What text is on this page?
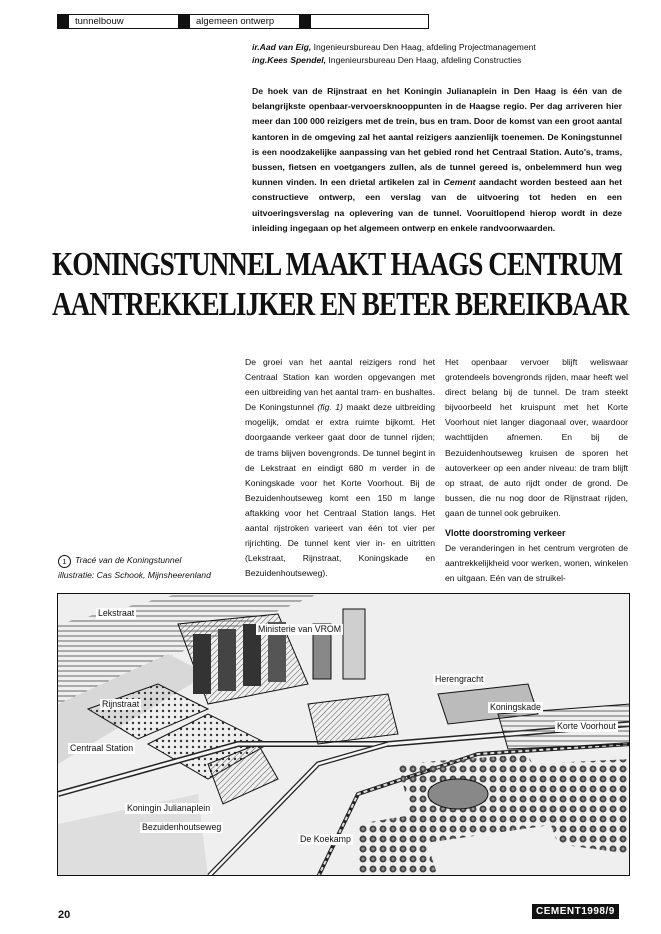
tunnelbouw	algemeen ontwerp
ir.Aad van Eig, Ingenieursbureau Den Haag, afdeling Projectmanagement
ing.Kees Spendel, Ingenieursbureau Den Haag, afdeling Constructies
De hoek van de Rijnstraat en het Koningin Julianaplein in Den Haag is één van de belangrijkste openbaar-vervoersknooppunten in de Haagse regio. Per dag arriveren hier meer dan 100 000 reizigers met de trein, bus en tram. Door de komst van een groot aantal kantoren in de omgeving zal het aantal reizigers aanzienlijk toenemen. De Koningstunnel is een noodzakelijke aanpassing van het gebied rond het Centraal Station. Auto's, trams, bussen, fietsen en voetgangers zullen, als de tunnel gereed is, onbelemmerd hun weg kunnen vinden. In een drietal artikelen zal in Cement aandacht worden besteed aan het constructieve ontwerp, een verslag van de uitvoering tot heden en een uitvoeringsverslag na oplevering van de tunnel. Vooruitlopend hierop wordt in deze inleiding ingegaan op het algemeen ontwerp en enkele randvoorwaarden.
KONINGSTUNNEL MAAKT HAAGS CENTRUM
AANTREKKELIJKER EN BETER BEREIKBAAR
De groei van het aantal reizigers rond het Centraal Station kan worden opgevangen met een uitbreiding van het aantal tram- en bushaltes. De Koningstunnel (fig. 1) maakt deze uitbreiding mogelijk, omdat er extra ruimte bijkomt. Het doorgaande verkeer gaat door de tunnel rijden; de trams blijven bovengronds. De tunnel begint in de Lekstraat en eindigt 680 m verder in de Koningskade voor het Korte Voorhout. Bij de Bezuidenhoutseweg komt een 150 m lange aftakking voor het Centraal Station langs. Het aantal rijstroken varieert van één tot vier per rijrichting. De tunnel kent vier in- en uitritten (Lekstraat, Rijnstraat, Koningskade en Bezuidenhoutseweg).
Het openbaar vervoer blijft weliswaar grotendeels bovengronds rijden, maar heeft wel direct belang bij de tunnel. De tram steekt bijvoorbeeld het kruispunt met het Korte Voorhout niet langer diagonaal over, waardoor wachttijden afnemen. En bij de Bezuidenhoutseweg kruisen de sporen het autoverkeer op een ander niveau: de tram blijft op straat, de auto rijdt onder de grond. De bussen, die nu nog door de Rijnstraat rijden, gaan de tunnel ook gebruiken.
Vlotte doorstroming verkeer
De veranderingen in het centrum vergroten de aantrekkelijkheid voor werken, wonen, winkelen en uitgaan. Eén van de struikel-
1 Tracé van de Koningstunnel
illustratie: Cas Schook, Mijnsheerenland
Lekstraat
Ministerie van VROM
Herengracht
Rijnstraat	Koningskade
Korte Voorhout
Centraal Station
Koningin Julianaplein
Bezuidenhoutseweg
De Koekamp
20	CEMENT1998/9
